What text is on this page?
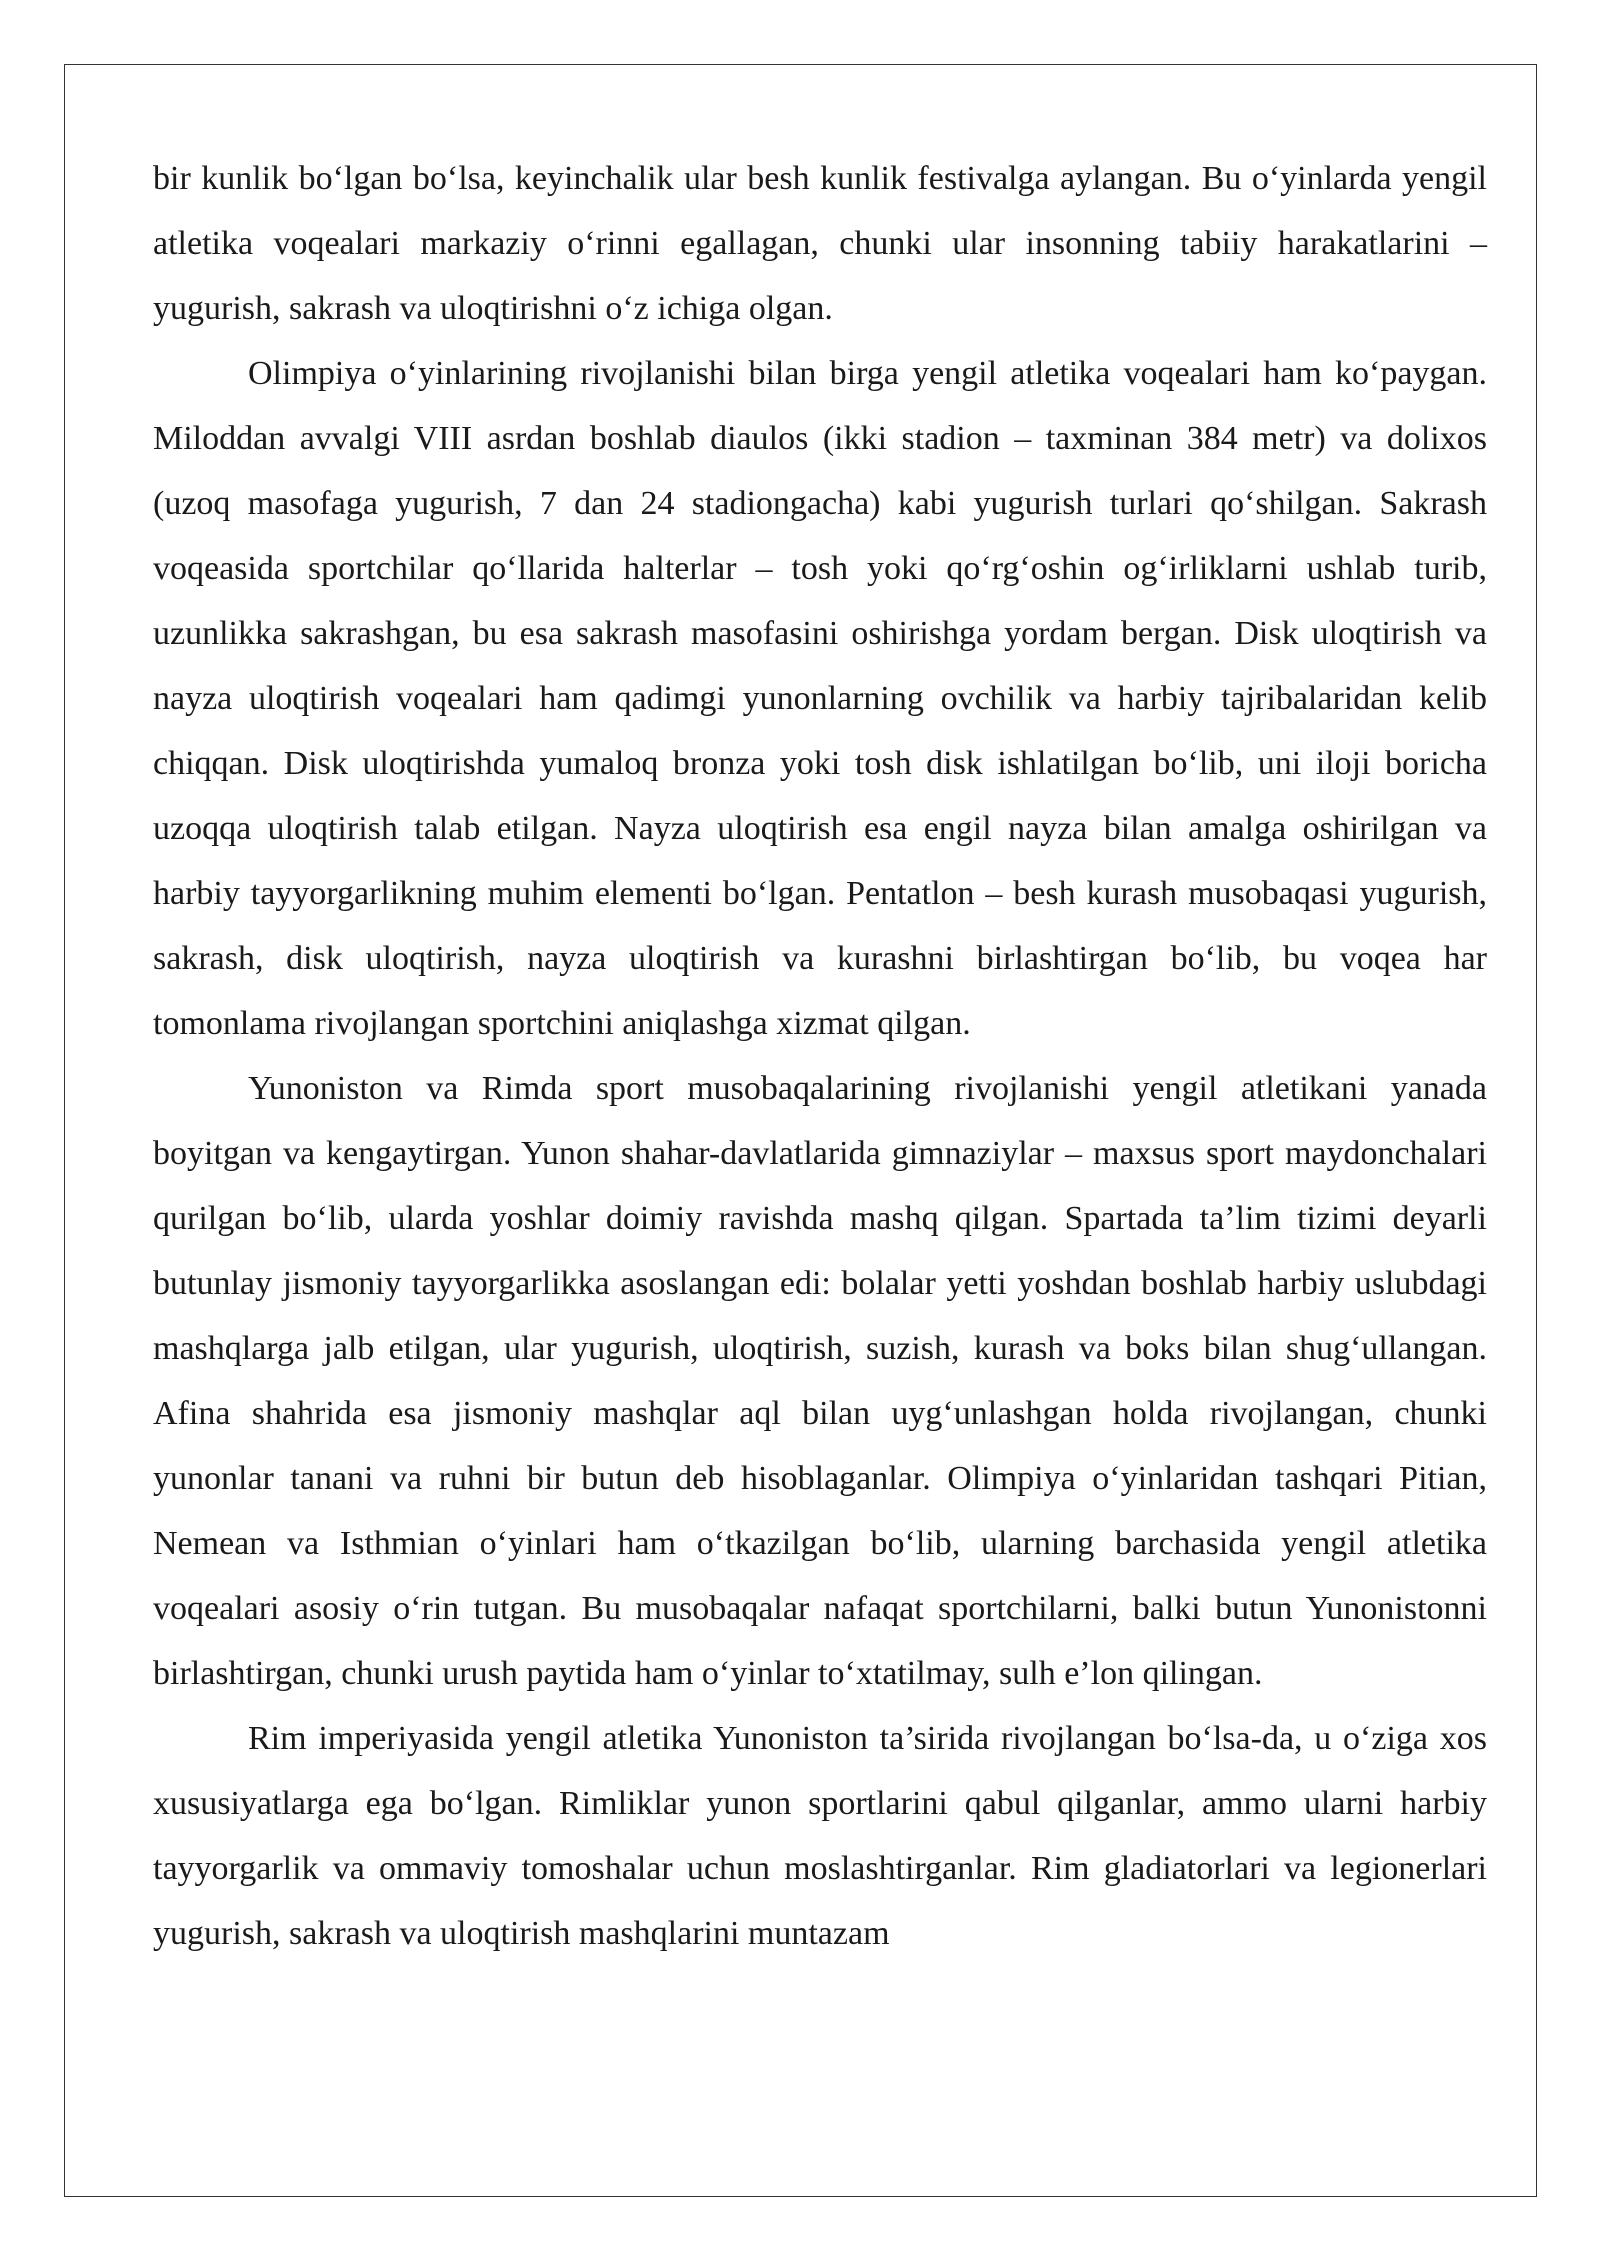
bir kunlik bo‘lgan bo‘lsa, keyinchalik ular besh kunlik festivalga aylangan. Bu o‘yinlarda yengil atletika voqealari markaziy o‘rinni egallagan, chunki ular insonning tabiiy harakatlarini – yugurish, sakrash va uloqtirishni o‘z ichiga olgan.

Olimpiya o‘yinlarining rivojlanishi bilan birga yengil atletika voqealari ham ko‘paygan. Miloddan avvalgi VIII asrdan boshlab diaulos (ikki stadion – taxminan 384 metr) va dolixos (uzoq masofaga yugurish, 7 dan 24 stadiongacha) kabi yugurish turlari qo‘shilgan. Sakrash voqeasida sportchilar qo‘llarida halterlar – tosh yoki qo‘rg‘oshin og‘irliklarni ushlab turib, uzunlikka sakrashgan, bu esa sakrash masofasini oshirishga yordam bergan. Disk uloqtirish va nayza uloqtirish voqealari ham qadimgi yunonlarning ovchilik va harbiy tajribalaridan kelib chiqqan. Disk uloqtirishda yumaloq bronza yoki tosh disk ishlatilgan bo‘lib, uni iloji boricha uzoqqa uloqtirish talab etilgan. Nayza uloqtirish esa engil nayza bilan amalga oshirilgan va harbiy tayyorgarlikning muhim elementi bo‘lgan. Pentatlon – besh kurash musobaqasi yugurish, sakrash, disk uloqtirish, nayza uloqtirish va kurashni birlashtirgan bo‘lib, bu voqea har tomonlama rivojlangan sportchini aniqlashga xizmat qilgan.

Yunoniston va Rimda sport musobaqalarining rivojlanishi yengil atletikani yanada boyitgan va kengaytirgan. Yunon shahar-davlatlarida gimnaziylar – maxsus sport maydonchalari qurilgan bo‘lib, ularda yoshlar doimiy ravishda mashq qilgan. Spartada ta’lim tizimi deyarli butunlay jismoniy tayyorgarlikka asoslangan edi: bolalar yetti yoshdan boshlab harbiy uslubdagi mashqlarga jalb etilgan, ular yugurish, uloqtirish, suzish, kurash va boks bilan shug‘ullangan. Afina shahrida esa jismoniy mashqlar aql bilan uyg‘unlashgan holda rivojlangan, chunki yunonlar tanani va ruhni bir butun deb hisoblaganlar. Olimpiya o‘yinlaridan tashqari Pitian, Nemean va Isthmian o‘yinlari ham o‘tkazilgan bo‘lib, ularning barchasida yengil atletika voqealari asosiy o‘rin tutgan. Bu musobaqalar nafaqat sportchilarni, balki butun Yunonistonni birlashtirgan, chunki urush paytida ham o‘yinlar to‘xtatilmay, sulh e’lon qilingan.

Rim imperiyasida yengil atletika Yunoniston ta’sirida rivojlangan bo‘lsa-da, u o‘ziga xos xususiyatlarga ega bo‘lgan. Rimliklar yunon sportlarini qabul qilganlar, ammo ularni harbiy tayyorgarlik va ommaviy tomoshalar uchun moslashtirganlar. Rim gladiatorlari va legionerlari yugurish, sakrash va uloqtirish mashqlarini muntazam
